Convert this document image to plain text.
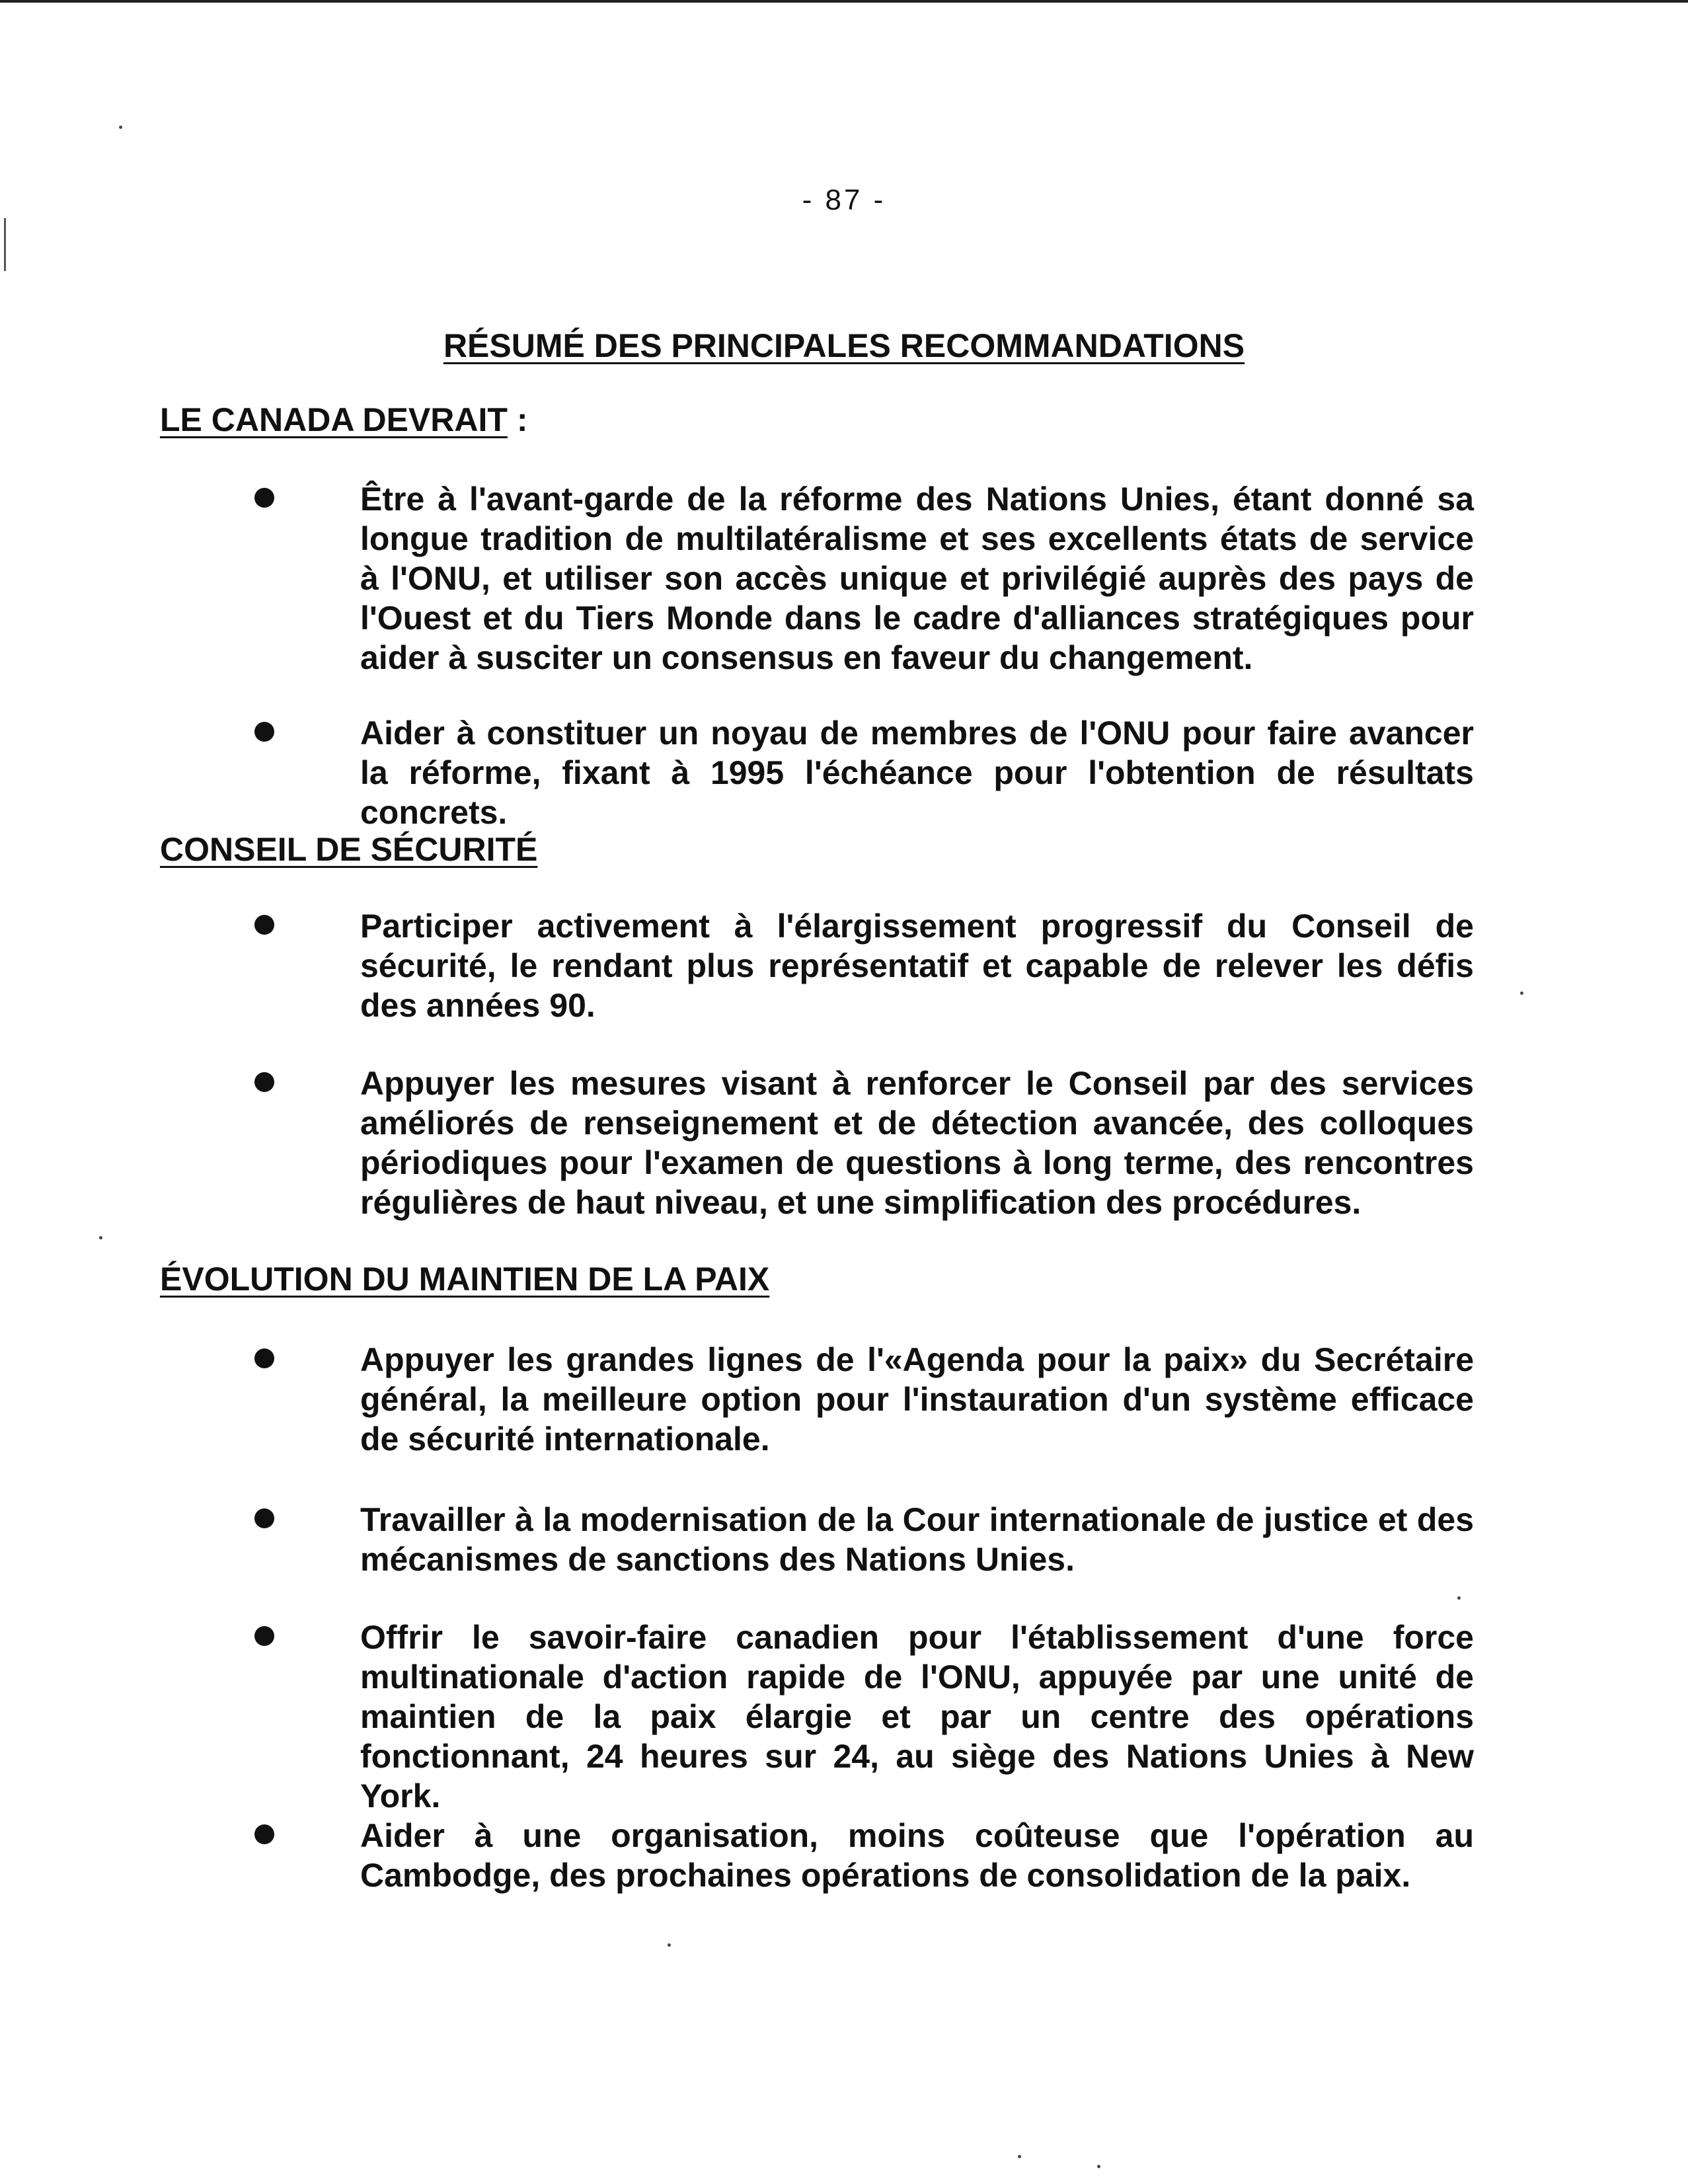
- 87 -
RÉSUMÉ DES PRINCIPALES RECOMMANDATIONS
LE CANADA DEVRAIT :
Être à l'avant-garde de la réforme des Nations Unies, étant donné sa longue tradition de multilatéralisme et ses excellents états de service à l'ONU, et utiliser son accès unique et privilégié auprès des pays de l'Ouest et du Tiers Monde dans le cadre d'alliances stratégiques pour aider à susciter un consensus en faveur du changement.
Aider à constituer un noyau de membres de l'ONU pour faire avancer la réforme, fixant à 1995 l'échéance pour l'obtention de résultats concrets.
CONSEIL DE SÉCURITÉ
Participer activement à l'élargissement progressif du Conseil de sécurité, le rendant plus représentatif et capable de relever les défis des années 90.
Appuyer les mesures visant à renforcer le Conseil par des services améliorés de renseignement et de détection avancée, des colloques périodiques pour l'examen de questions à long terme, des rencontres régulières de haut niveau, et une simplification des procédures.
ÉVOLUTION DU MAINTIEN DE LA PAIX
Appuyer les grandes lignes de l'«Agenda pour la paix» du Secrétaire général, la meilleure option pour l'instauration d'un système efficace de sécurité internationale.
Travailler à la modernisation de la Cour internationale de justice et des mécanismes de sanctions des Nations Unies.
Offrir le savoir-faire canadien pour l'établissement d'une force multinationale d'action rapide de l'ONU, appuyée par une unité de maintien de la paix élargie et par un centre des opérations fonctionnant, 24 heures sur 24, au siège des Nations Unies à New York.
Aider à une organisation, moins coûteuse que l'opération au Cambodge, des prochaines opérations de consolidation de la paix.
